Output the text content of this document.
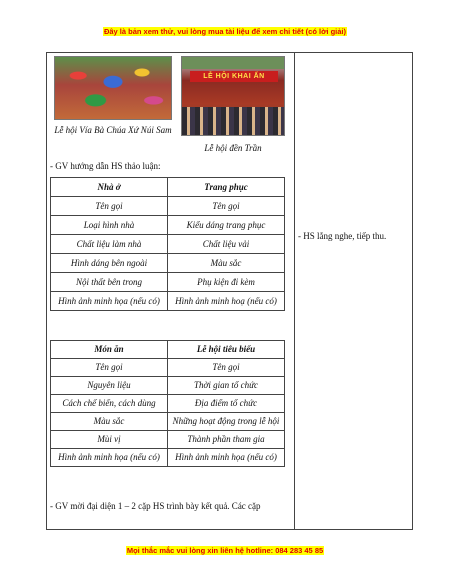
Đây là bản xem thử, vui lòng mua tài liệu để xem chi tiết (có lời giải)
LỄ HỘI KHAI ẤN
Lễ hội Vía Bà Chúa Xứ Núi Sam
Lễ hội đền Trần
- GV hướng dẫn HS thảo luận:
Nhà ở	Trang phục
Tên gọi	Tên gọi
Loại hình nhà	Kiểu dáng trang phục
Chất liệu làm nhà	Chất liệu vải
Hình dáng bên ngoài	Màu sắc
Nội thất bên trong	Phụ kiện đi kèm
Hình ảnh minh họa (nếu có)	Hình ảnh minh hoạ (nếu có)
Món ăn	Lễ hội tiêu biểu
Tên gọi	Tên gọi
Nguyên liệu	Thời gian tổ chức
Cách chế biến, cách dùng	Địa điểm tổ chức
Màu sắc	Những hoạt động trong lễ hội
Mùi vị	Thành phần tham gia
Hình ảnh minh họa (nếu có)	Hình ảnh minh họa (nếu có)
- GV mời đại diện 1 – 2 cặp HS trình bày kết quả. Các cặp
- HS lắng nghe, tiếp thu.
Mọi thắc mắc vui lòng xin liên hệ hotline: 084 283 45 85
